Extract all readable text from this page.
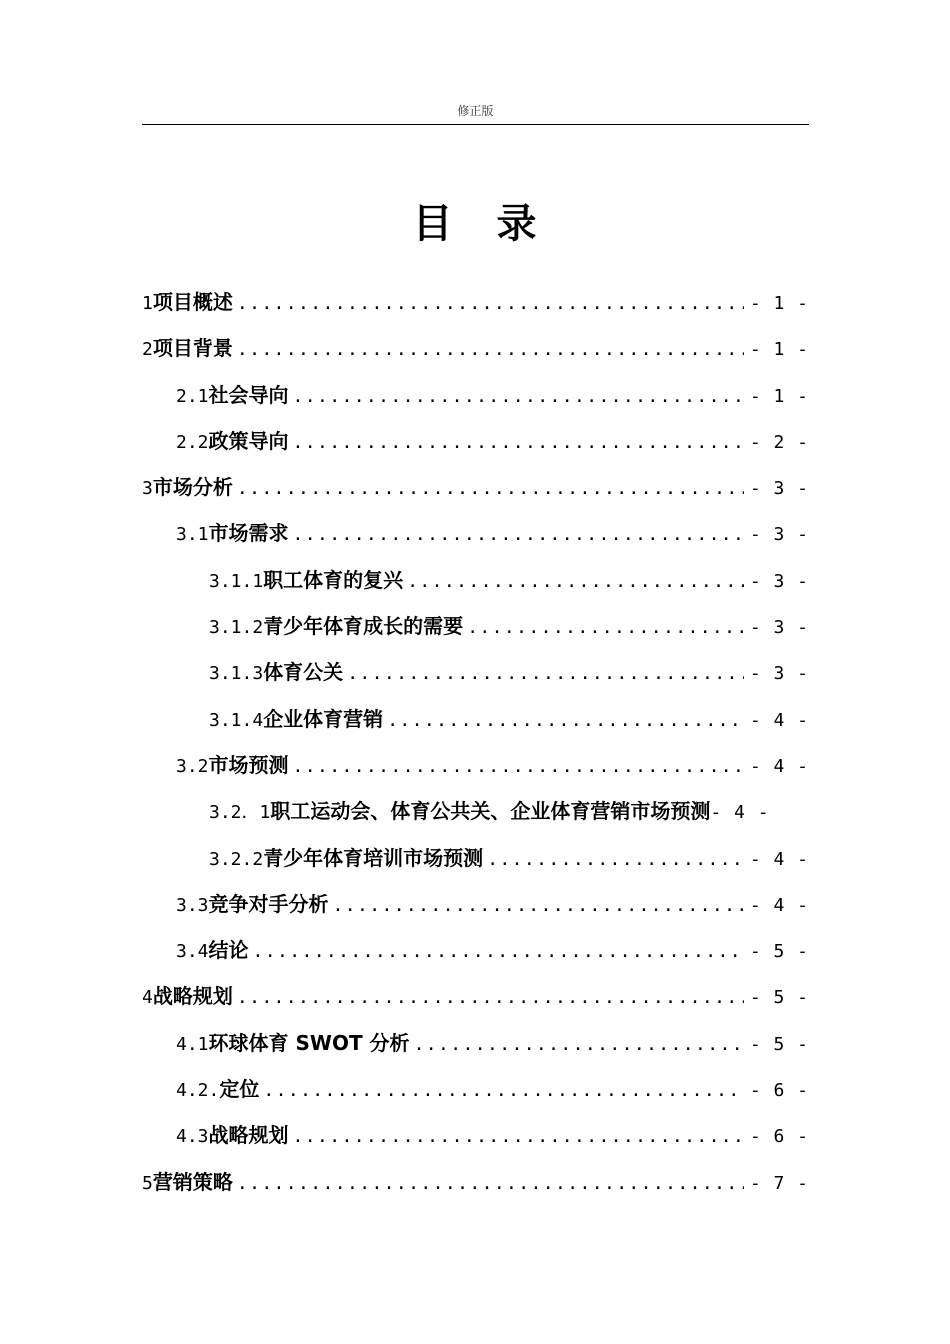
修正版
目　录
1 项目概述 .....	- 1 -
2 项目背景 .....	- 1 -
2.1 社会导向 .....	- 1 -
2.2 政策导向 .....	- 2 -
3 市场分析 .....	- 3 -
3.1 市场需求 .....	- 3 -
3.1.1 职工体育的复兴 .....	- 3 -
3.1.2 青少年体育成长的需要 .....	- 3 -
3.1.3 体育公关 .....	- 3 -
3.1.4 企业体育营销 .....	- 4 -
3.2 市场预测 .....	- 4 -
3.2．1 职工运动会、体育公共关、企业体育营销市场预测 - 4 -
3.2.2 青少年体育培训市场预测 .....	- 4 -
3.3 竞争对手分析 .....	- 4 -
3.4 结论 .....	- 5 -
4 战略规划 .....	- 5 -
4.1 环球体育 SWOT 分析 .....	- 5 -
4.2. 定位 .....	- 6 -
4.3 战略规划 .....	- 6 -
5 营销策略 .....	- 7 -
